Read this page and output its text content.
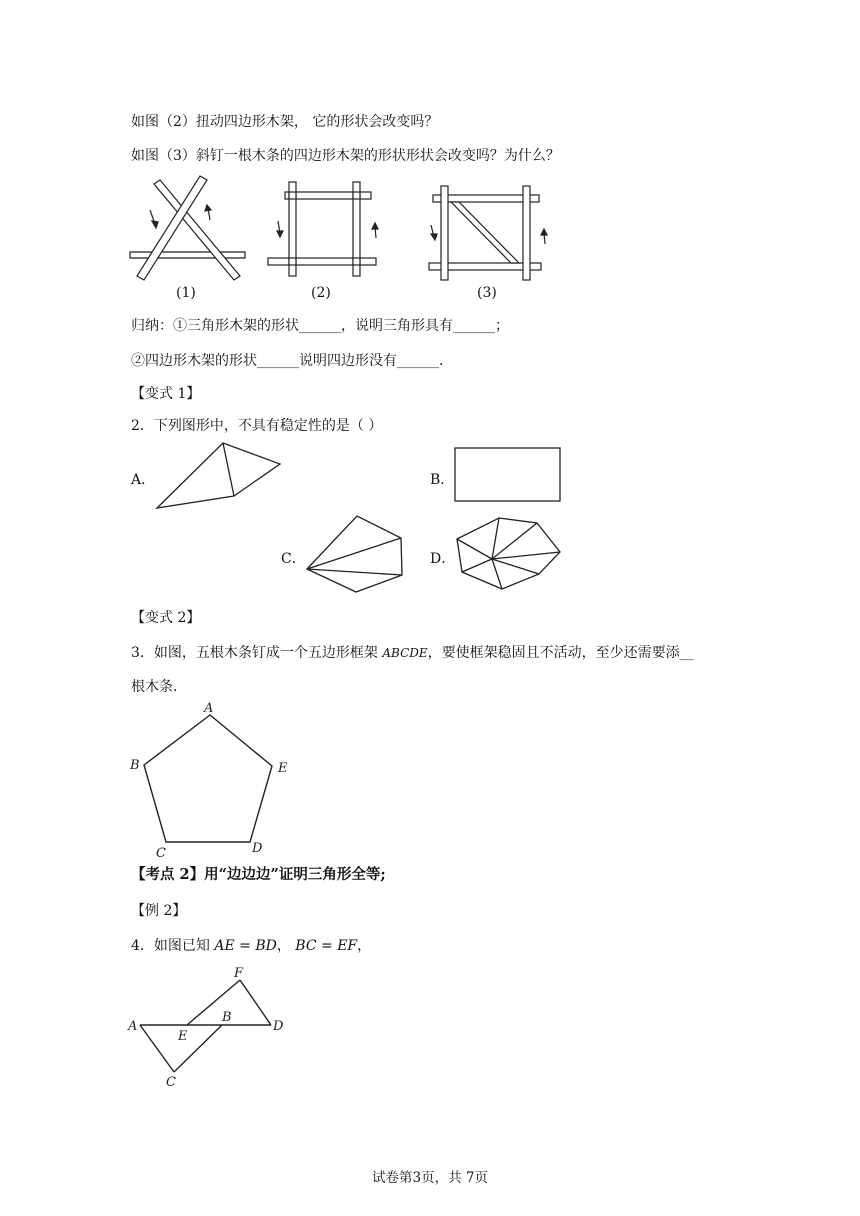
如图（2）扭动四边形木架， 它的形状会改变吗？
如图（3）斜钉一根木条的四边形木架的形状形状会改变吗？为什么？
(1)	(2)	(3)
归纳：①三角形木架的形状______，说明三角形具有______；
②四边形木架的形状______说明四边形没有______．
【变式 1】
2．下列图形中，不具有稳定性的是（ ）
A．	B．
C．	D．
【变式 2】
3．如图，五根木条钉成一个五边形框架 ABCDE，要使框架稳固且不活动，至少还需要添__
根木条．
A
B
C	D
E
【考点 2】用“边边边”证明三角形全等;
【例 2】
4．如图已知 AE = BD， BC = EF，
A
B
C
D
E
F
试卷第3页，共 7页
